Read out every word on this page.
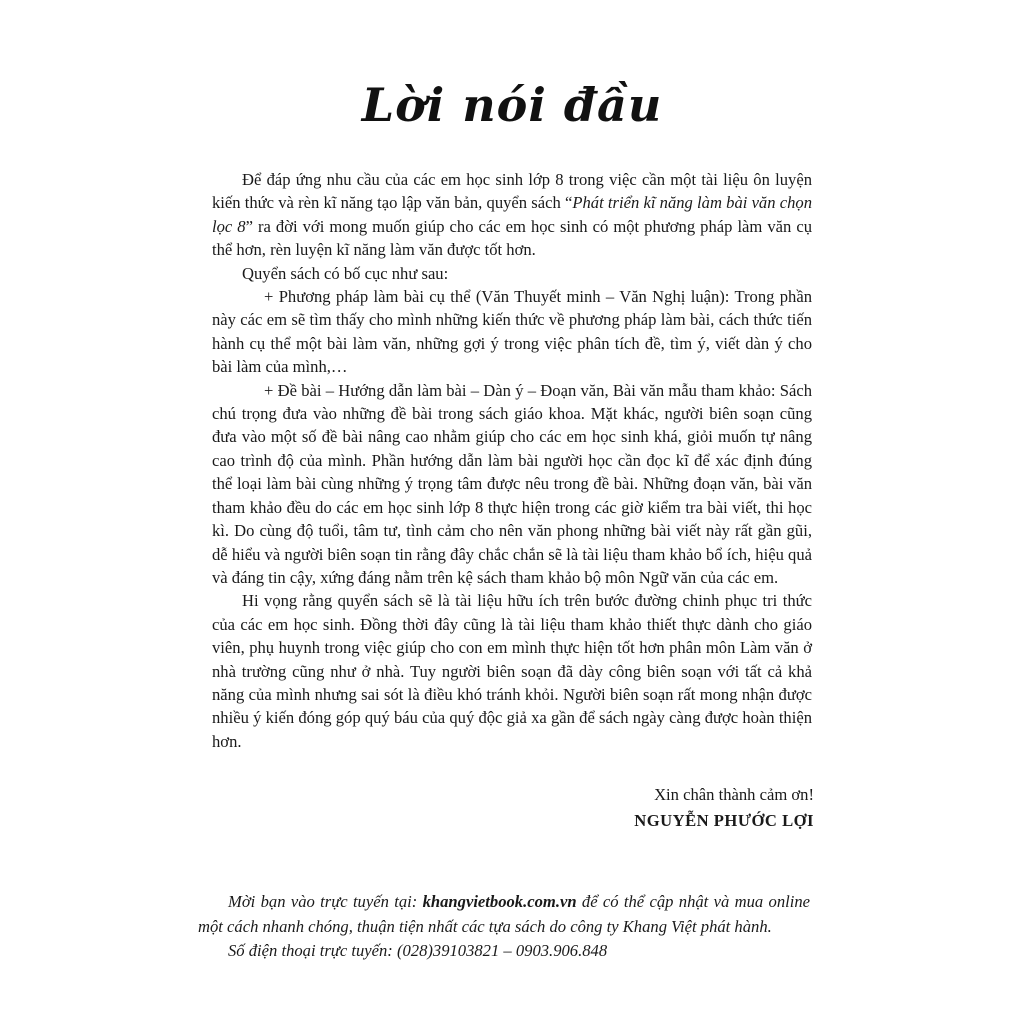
Lời nói đầu

Để đáp ứng nhu cầu của các em học sinh lớp 8 trong việc cần một tài liệu ôn luyện kiến thức và rèn kĩ năng tạo lập văn bản, quyển sách “Phát triển kĩ năng làm bài văn chọn lọc 8” ra đời với mong muốn giúp cho các em học sinh có một phương pháp làm văn cụ thể hơn, rèn luyện kĩ năng làm văn được tốt hơn.

Quyển sách có bố cục như sau:

+ Phương pháp làm bài cụ thể (Văn Thuyết minh – Văn Nghị luận): Trong phần này các em sẽ tìm thấy cho mình những kiến thức về phương pháp làm bài, cách thức tiến hành cụ thể một bài làm văn, những gợi ý trong việc phân tích đề, tìm ý, viết dàn ý cho bài làm của mình,…

+ Đề bài – Hướng dẫn làm bài – Dàn ý – Đoạn văn, Bài văn mẫu tham khảo: Sách chú trọng đưa vào những đề bài trong sách giáo khoa. Mặt khác, người biên soạn cũng đưa vào một số đề bài nâng cao nhằm giúp cho các em học sinh khá, giỏi muốn tự nâng cao trình độ của mình. Phần hướng dẫn làm bài người học cần đọc kĩ để xác định đúng thể loại làm bài cùng những ý trọng tâm được nêu trong đề bài. Những đoạn văn, bài văn tham khảo đều do các em học sinh lớp 8 thực hiện trong các giờ kiểm tra bài viết, thi học kì. Do cùng độ tuổi, tâm tư, tình cảm cho nên văn phong những bài viết này rất gần gũi, dễ hiểu và người biên soạn tin rằng đây chắc chắn sẽ là tài liệu tham khảo bổ ích, hiệu quả và đáng tin cậy, xứng đáng nằm trên kệ sách tham khảo bộ môn Ngữ văn của các em.

Hi vọng rằng quyển sách sẽ là tài liệu hữu ích trên bước đường chinh phục tri thức của các em học sinh. Đồng thời đây cũng là tài liệu tham khảo thiết thực dành cho giáo viên, phụ huynh trong việc giúp cho con em mình thực hiện tốt hơn phân môn Làm văn ở nhà trường cũng như ở nhà. Tuy người biên soạn đã dày công biên soạn với tất cả khả năng của mình nhưng sai sót là điều khó tránh khỏi. Người biên soạn rất mong nhận được nhiều ý kiến đóng góp quý báu của quý độc giả xa gần để sách ngày càng được hoàn thiện hơn.

Xin chân thành cảm ơn!
NGUYỄN PHƯỚC LỢI

Mời bạn vào trực tuyến tại: khangvietbook.com.vn để có thể cập nhật và mua online một cách nhanh chóng, thuận tiện nhất các tựa sách do công ty Khang Việt phát hành.

Số điện thoại trực tuyến: (028)39103821 – 0903.906.848
